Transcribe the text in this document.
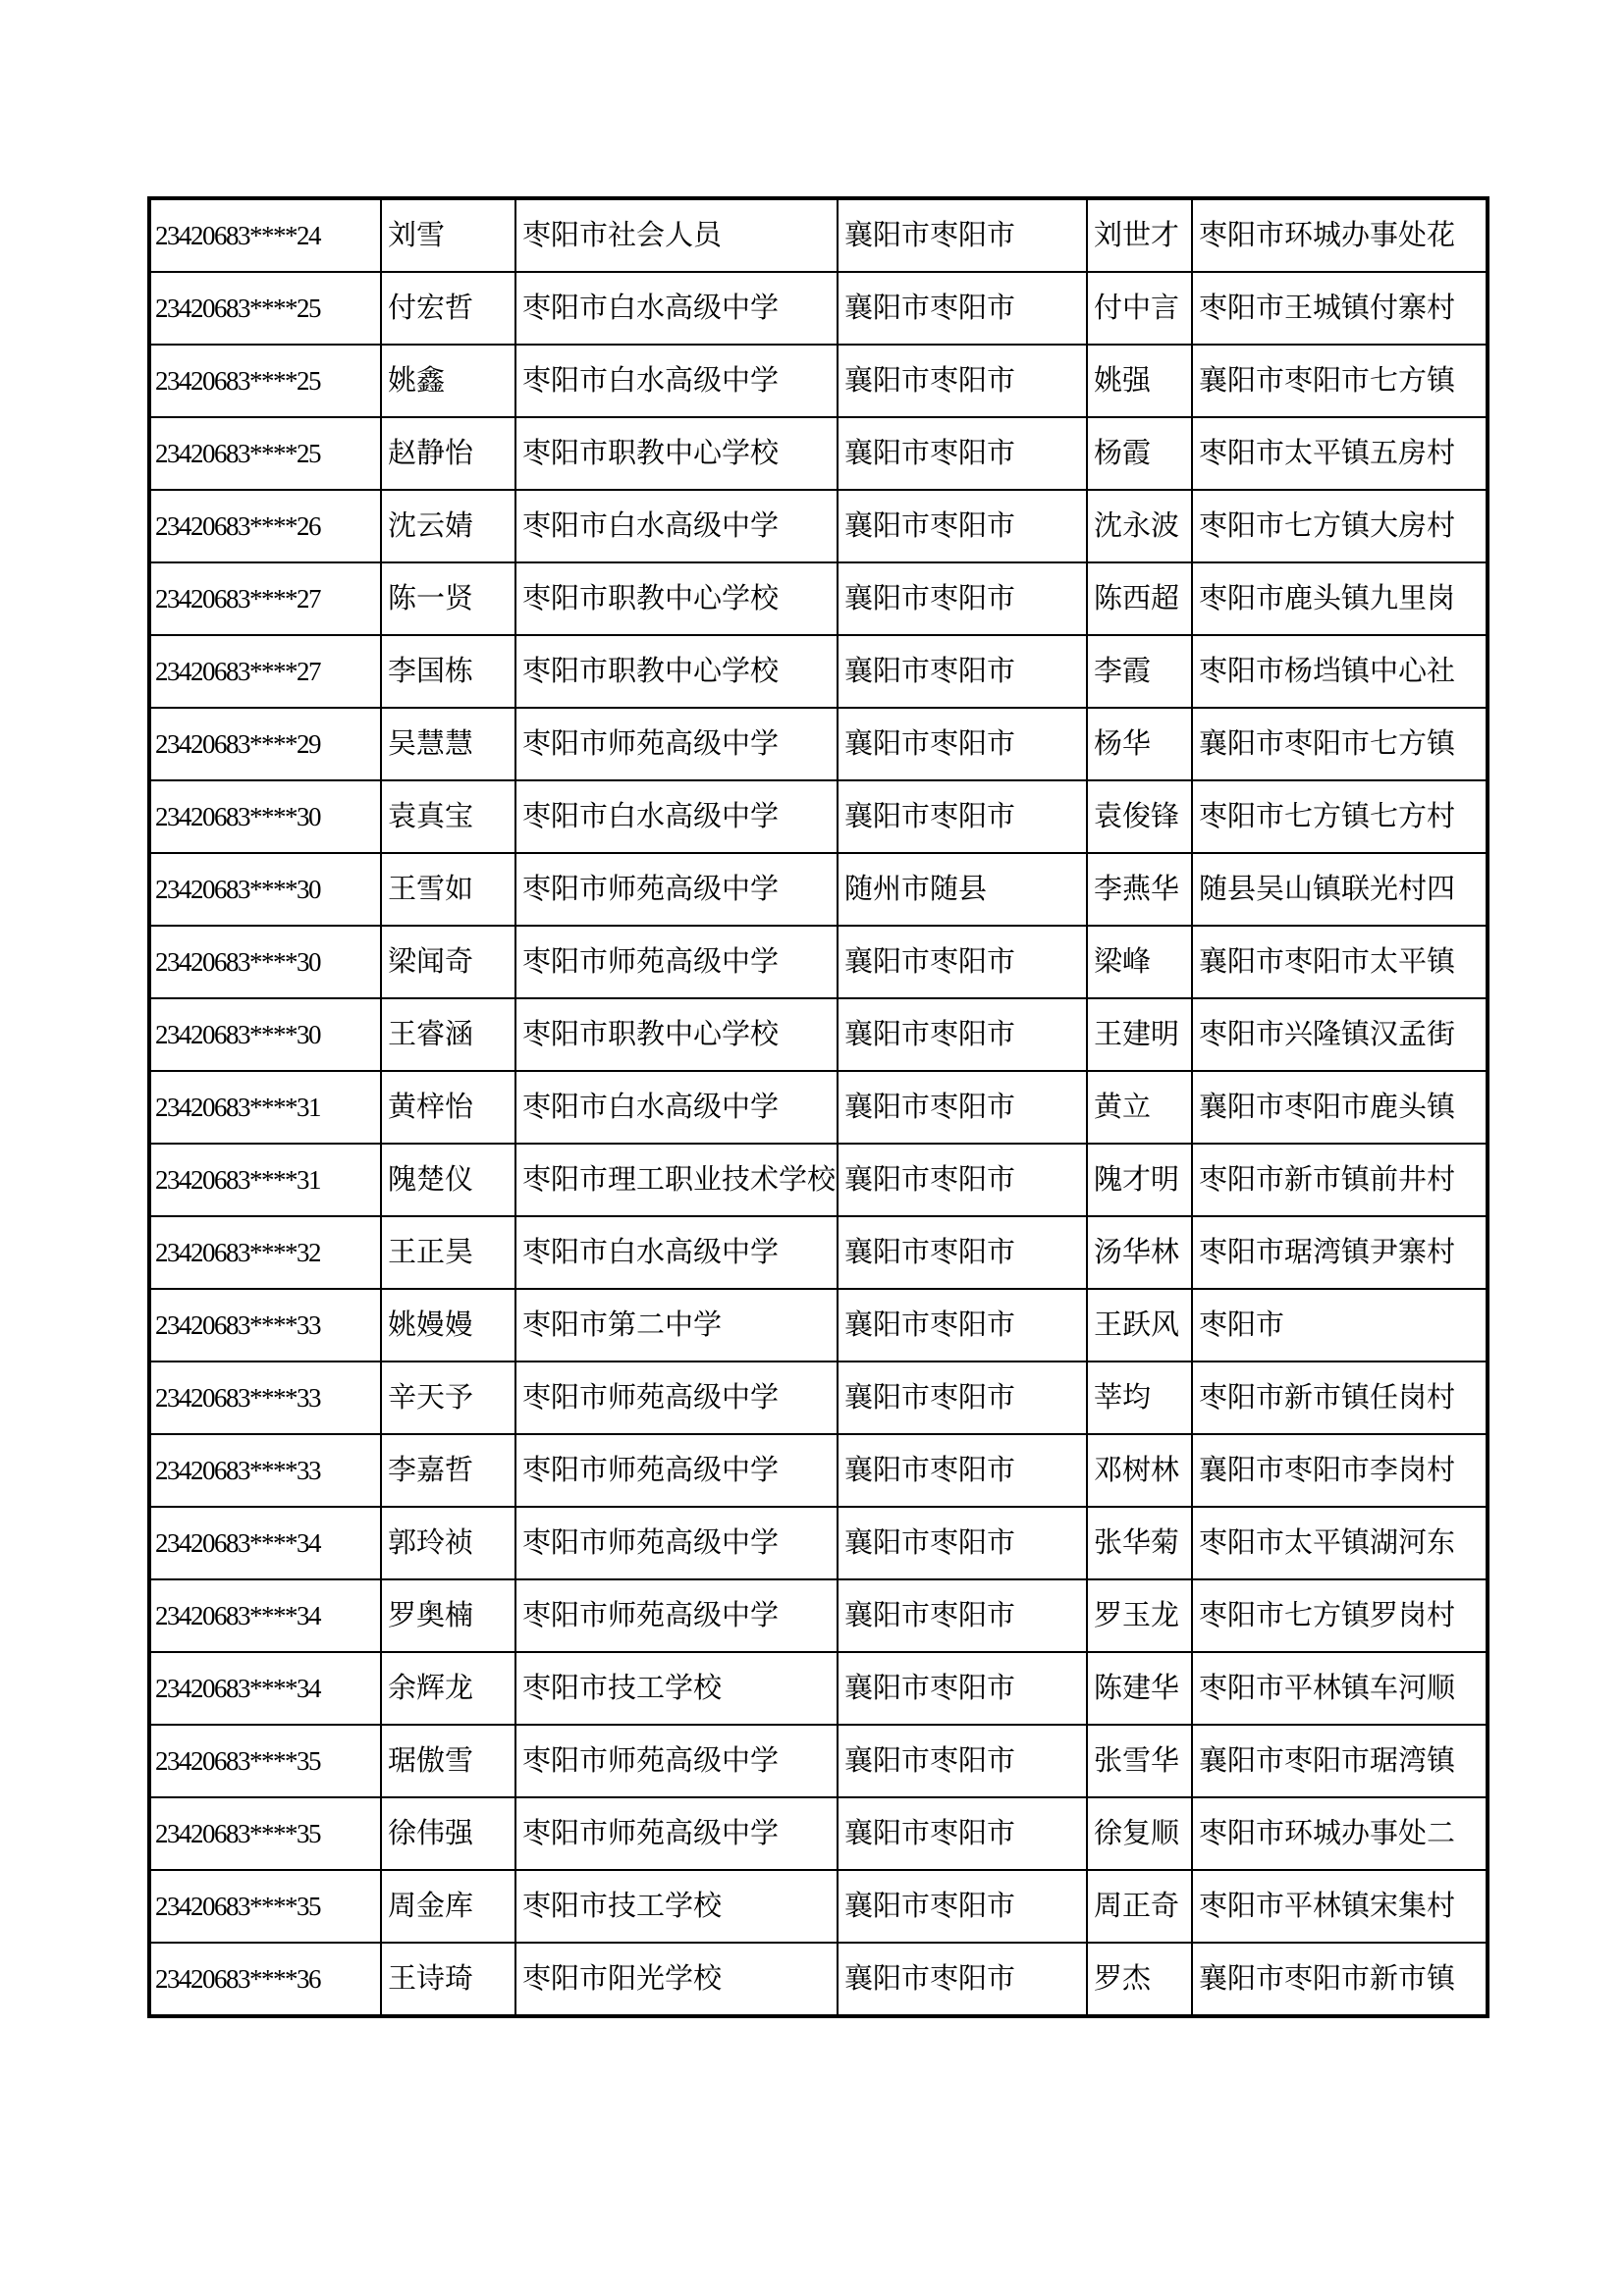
23420683****24	刘雪	枣阳市社会人员	襄阳市枣阳市	刘世才	枣阳市环城办事处花
23420683****25	付宏哲	枣阳市白水高级中学	襄阳市枣阳市	付中言	枣阳市王城镇付寨村
23420683****25	姚鑫	枣阳市白水高级中学	襄阳市枣阳市	姚强	襄阳市枣阳市七方镇
23420683****25	赵静怡	枣阳市职教中心学校	襄阳市枣阳市	杨霞	枣阳市太平镇五房村
23420683****26	沈云婧	枣阳市白水高级中学	襄阳市枣阳市	沈永波	枣阳市七方镇大房村
23420683****27	陈一贤	枣阳市职教中心学校	襄阳市枣阳市	陈西超	枣阳市鹿头镇九里岗
23420683****27	李国栋	枣阳市职教中心学校	襄阳市枣阳市	李霞	枣阳市杨垱镇中心社
23420683****29	吴慧慧	枣阳市师苑高级中学	襄阳市枣阳市	杨华	襄阳市枣阳市七方镇
23420683****30	袁真宝	枣阳市白水高级中学	襄阳市枣阳市	袁俊锋	枣阳市七方镇七方村
23420683****30	王雪如	枣阳市师苑高级中学	随州市随县	李燕华	随县吴山镇联光村四
23420683****30	梁闻奇	枣阳市师苑高级中学	襄阳市枣阳市	梁峰	襄阳市枣阳市太平镇
23420683****30	王睿涵	枣阳市职教中心学校	襄阳市枣阳市	王建明	枣阳市兴隆镇汉孟街
23420683****31	黄梓怡	枣阳市白水高级中学	襄阳市枣阳市	黄立	襄阳市枣阳市鹿头镇
23420683****31	隗楚仪	枣阳市理工职业技术学校	襄阳市枣阳市	隗才明	枣阳市新市镇前井村
23420683****32	王正昊	枣阳市白水高级中学	襄阳市枣阳市	汤华林	枣阳市琚湾镇尹寨村
23420683****33	姚嫚嫚	枣阳市第二中学	襄阳市枣阳市	王跃风	枣阳市
23420683****33	辛天予	枣阳市师苑高级中学	襄阳市枣阳市	莘均	枣阳市新市镇任岗村
23420683****33	李嘉哲	枣阳市师苑高级中学	襄阳市枣阳市	邓树林	襄阳市枣阳市李岗村
23420683****34	郭玲祯	枣阳市师苑高级中学	襄阳市枣阳市	张华菊	枣阳市太平镇湖河东
23420683****34	罗奥楠	枣阳市师苑高级中学	襄阳市枣阳市	罗玉龙	枣阳市七方镇罗岗村
23420683****34	余辉龙	枣阳市技工学校	襄阳市枣阳市	陈建华	枣阳市平林镇车河顺
23420683****35	琚傲雪	枣阳市师苑高级中学	襄阳市枣阳市	张雪华	襄阳市枣阳市琚湾镇
23420683****35	徐伟强	枣阳市师苑高级中学	襄阳市枣阳市	徐复顺	枣阳市环城办事处二
23420683****35	周金库	枣阳市技工学校	襄阳市枣阳市	周正奇	枣阳市平林镇宋集村
23420683****36	王诗琦	枣阳市阳光学校	襄阳市枣阳市	罗杰	襄阳市枣阳市新市镇
